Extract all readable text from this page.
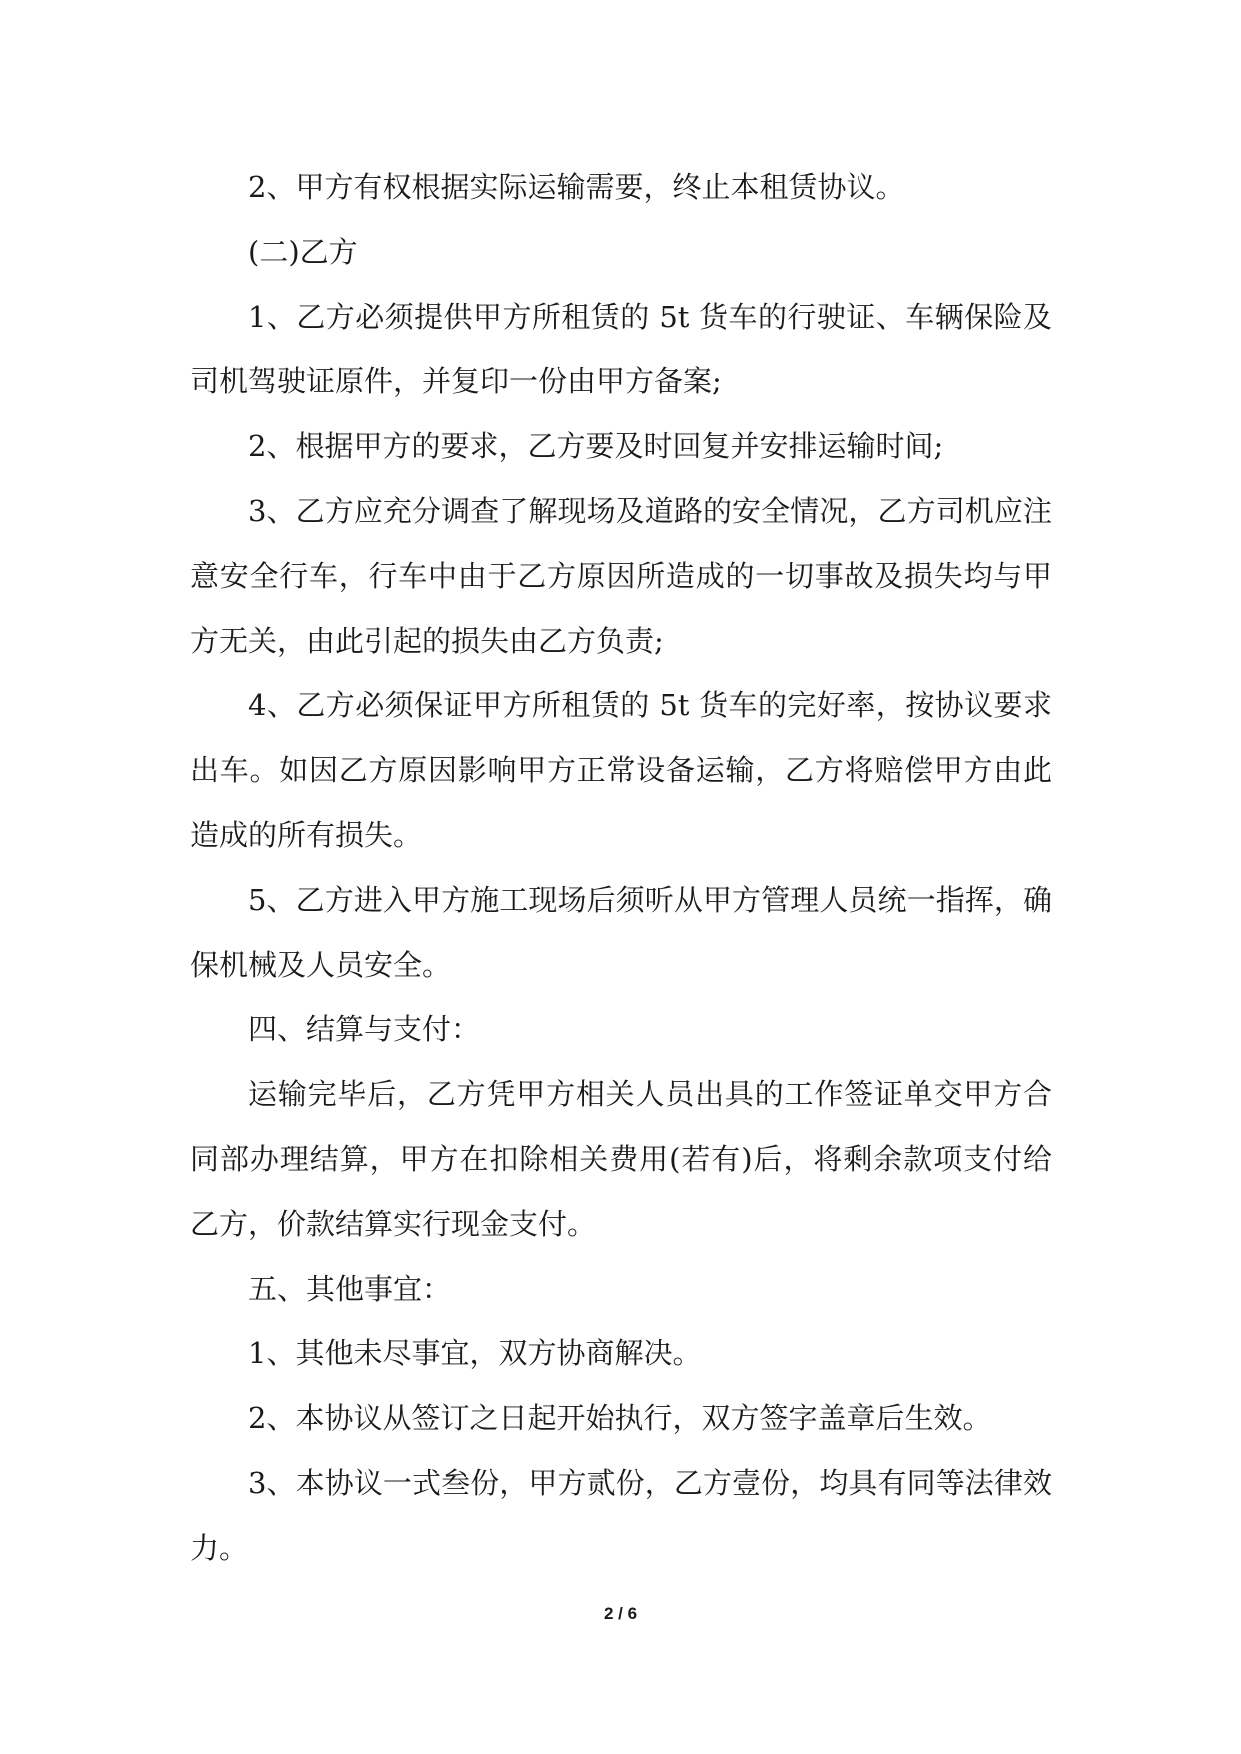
2、甲方有权根据实际运输需要，终止本租赁协议。

(二)乙方

1、乙方必须提供甲方所租赁的 5t 货车的行驶证、车辆保险及司机驾驶证原件，并复印一份由甲方备案;

2、根据甲方的要求，乙方要及时回复并安排运输时间;

3、乙方应充分调查了解现场及道路的安全情况，乙方司机应注意安全行车，行车中由于乙方原因所造成的一切事故及损失均与甲方无关，由此引起的损失由乙方负责;

4、乙方必须保证甲方所租赁的 5t 货车的完好率，按协议要求出车。如因乙方原因影响甲方正常设备运输，乙方将赔偿甲方由此造成的所有损失。

5、乙方进入甲方施工现场后须听从甲方管理人员统一指挥，确保机械及人员安全。

四、结算与支付：

运输完毕后，乙方凭甲方相关人员出具的工作签证单交甲方合同部办理结算，甲方在扣除相关费用(若有)后，将剩余款项支付给乙方，价款结算实行现金支付。

五、其他事宜：

1、其他未尽事宜，双方协商解决。

2、本协议从签订之日起开始执行，双方签字盖章后生效。

3、本协议一式叁份，甲方贰份，乙方壹份，均具有同等法律效力。

2 / 6
